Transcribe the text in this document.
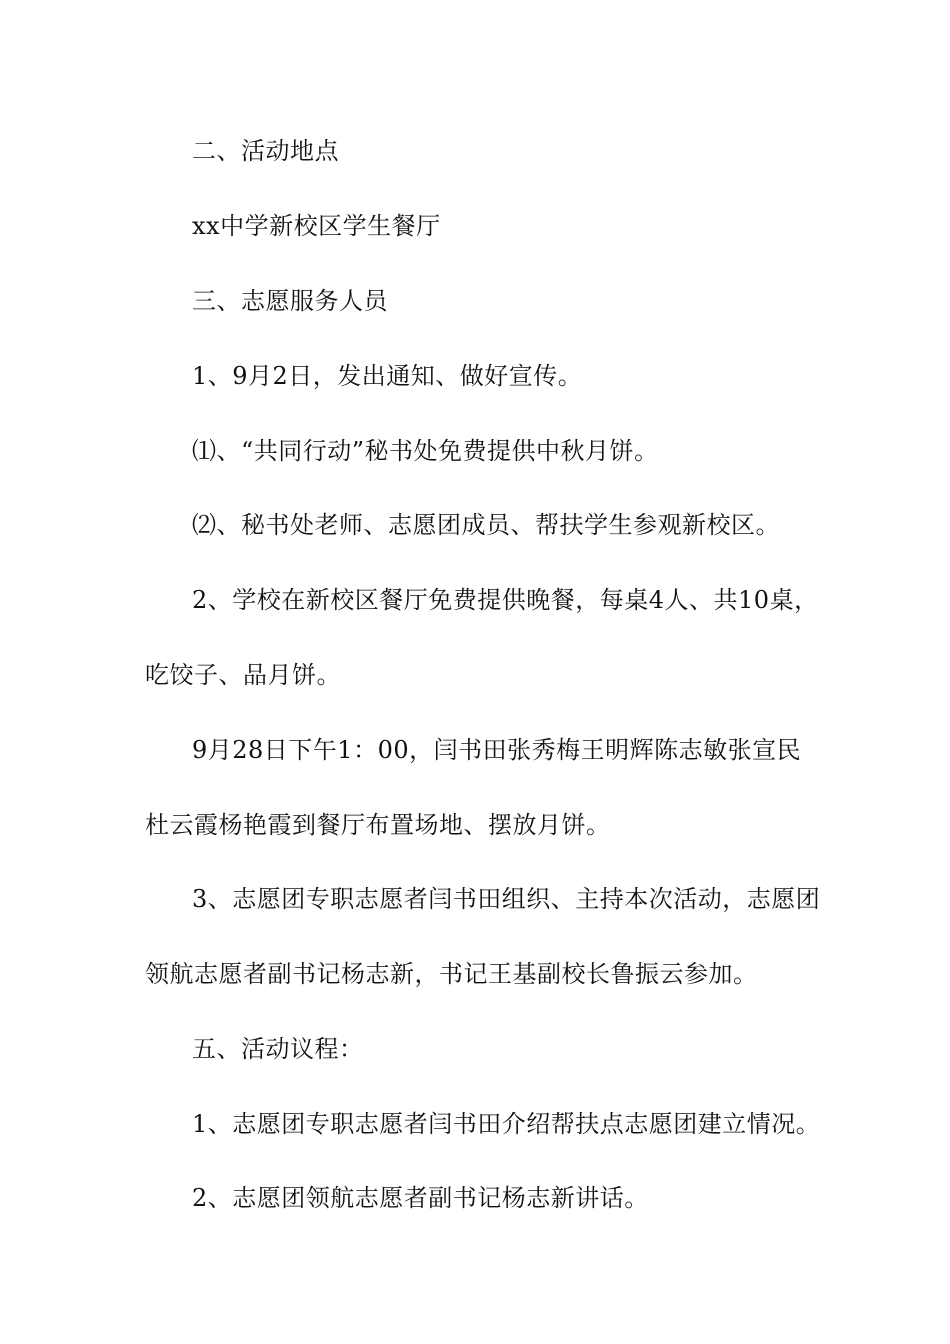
二、活动地点
xx中学新校区学生餐厅
三、志愿服务人员
1、9月2日，发出通知、做好宣传。
⑴、“共同行动”秘书处免费提供中秋月饼。
⑵、秘书处老师、志愿团成员、帮扶学生参观新校区。
2、学校在新校区餐厅免费提供晚餐，每桌4人、共10桌，
吃饺子、品月饼。
9月28日下午1：00，闫书田张秀梅王明辉陈志敏张宣民
杜云霞杨艳霞到餐厅布置场地、摆放月饼。
3、志愿团专职志愿者闫书田组织、主持本次活动，志愿团
领航志愿者副书记杨志新，书记王基副校长鲁振云参加。
五、活动议程：
1、志愿团专职志愿者闫书田介绍帮扶点志愿团建立情况。
2、志愿团领航志愿者副书记杨志新讲话。
